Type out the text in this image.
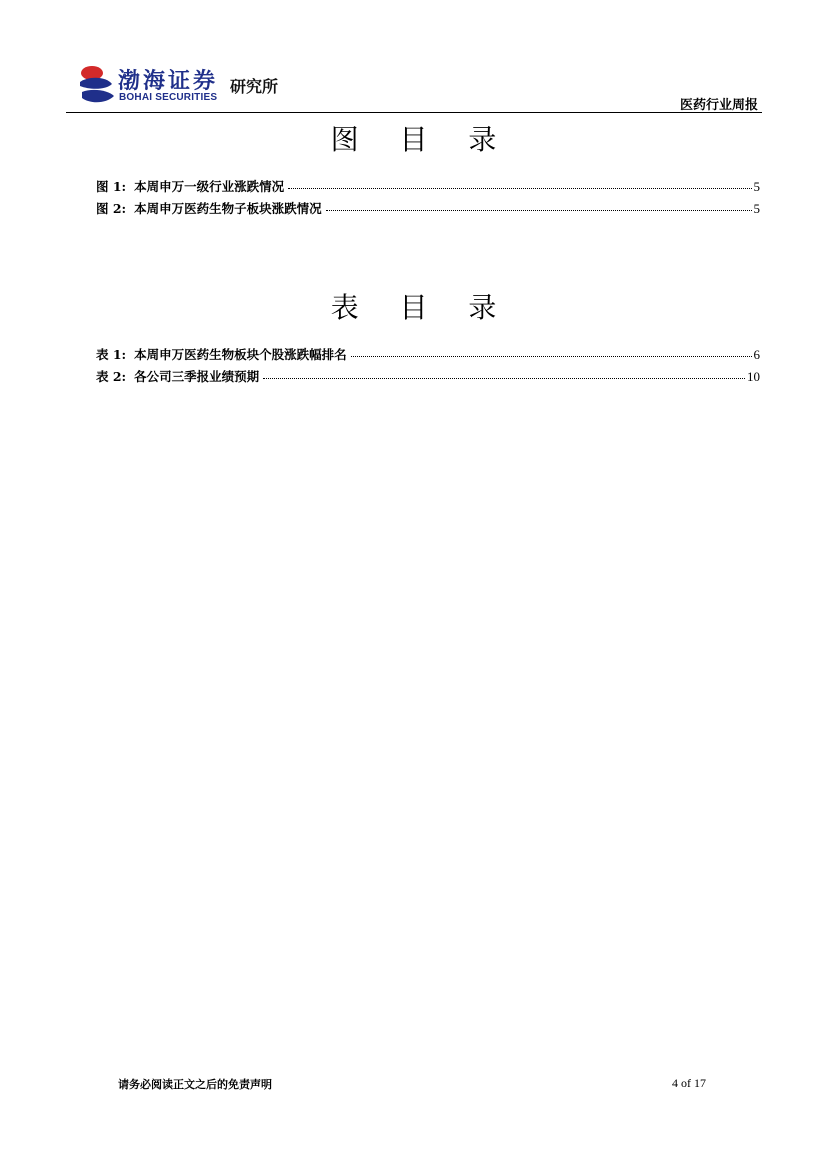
渤海证券
BOHAI SECURITIES
研究所
医药行业周报
图 目 录
图 1: 本周申万一级行业涨跌情况	5
图 2: 本周申万医药生物子板块涨跌情况	5
表 目 录
表 1: 本周申万医药生物板块个股涨跌幅排名	6
表 2: 各公司三季报业绩预期	10
请务必阅读正文之后的免责声明	4 of 17
